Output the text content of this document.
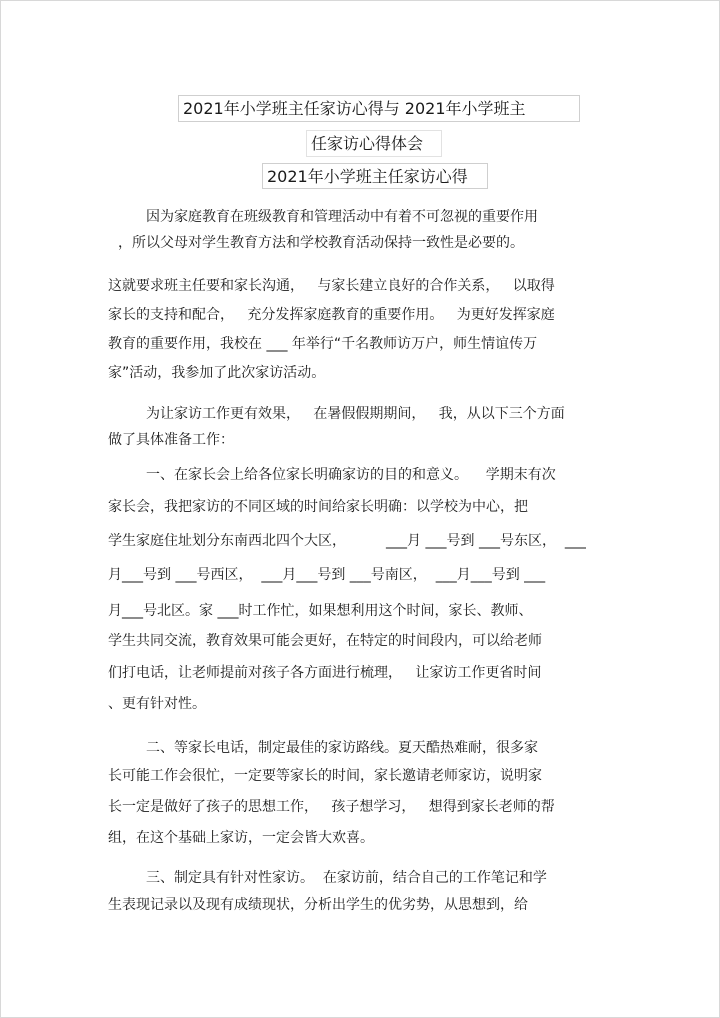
2021年小学班主任家访心得与 2021年小学班主
任家访心得体会
2021年小学班主任家访心得
因为家庭教育在班级教育和管理活动中有着不可忽视的重要作用
，所以父母对学生教育方法和学校教育活动保持一致性是必要的。
这就要求班主任要和家长沟通，   与家长建立良好的合作关系，   以取得
家长的支持和配合，   充分发挥家庭教育的重要作用。   为更好发挥家庭
教育的重要作用，我校在 ___ 年举行“千名教师访万户，师生情谊传万
家”活动，我参加了此次家访活动。
为让家访工作更有效果，   在暑假假期期间，   我，从以下三个方面
做了具体准备工作：
一、在家长会上给各位家长明确家访的目的和意义。    学期末有次
家长会，我把家访的不同区域的时间给家长明确：以学校为中心，把
学生家庭住址划分东南西北四个大区，         ___月 ___号到 ___号东区，  ___
月___号到 ___号西区，  ___月___号到 ___号南区，  ___月___号到 ___
月___号北区。家 ___时工作忙，如果想利用这个时间，家长、教师、
学生共同交流，教育效果可能会更好，在特定的时间段内，可以给老师
们打电话，让老师提前对孩子各方面进行梳理，   让家访工作更省时间
、更有针对性。
二、等家长电话，制定最佳的家访路线。夏天酷热难耐，很多家
长可能工作会很忙，一定要等家长的时间，家长邀请老师家访，说明家
长一定是做好了孩子的思想工作，   孩子想学习，   想得到家长老师的帮
组，在这个基础上家访，一定会皆大欢喜。
三、制定具有针对性家访。  在家访前，结合自己的工作笔记和学
生表现记录以及现有成绩现状，分析出学生的优劣势，从思想到，给
